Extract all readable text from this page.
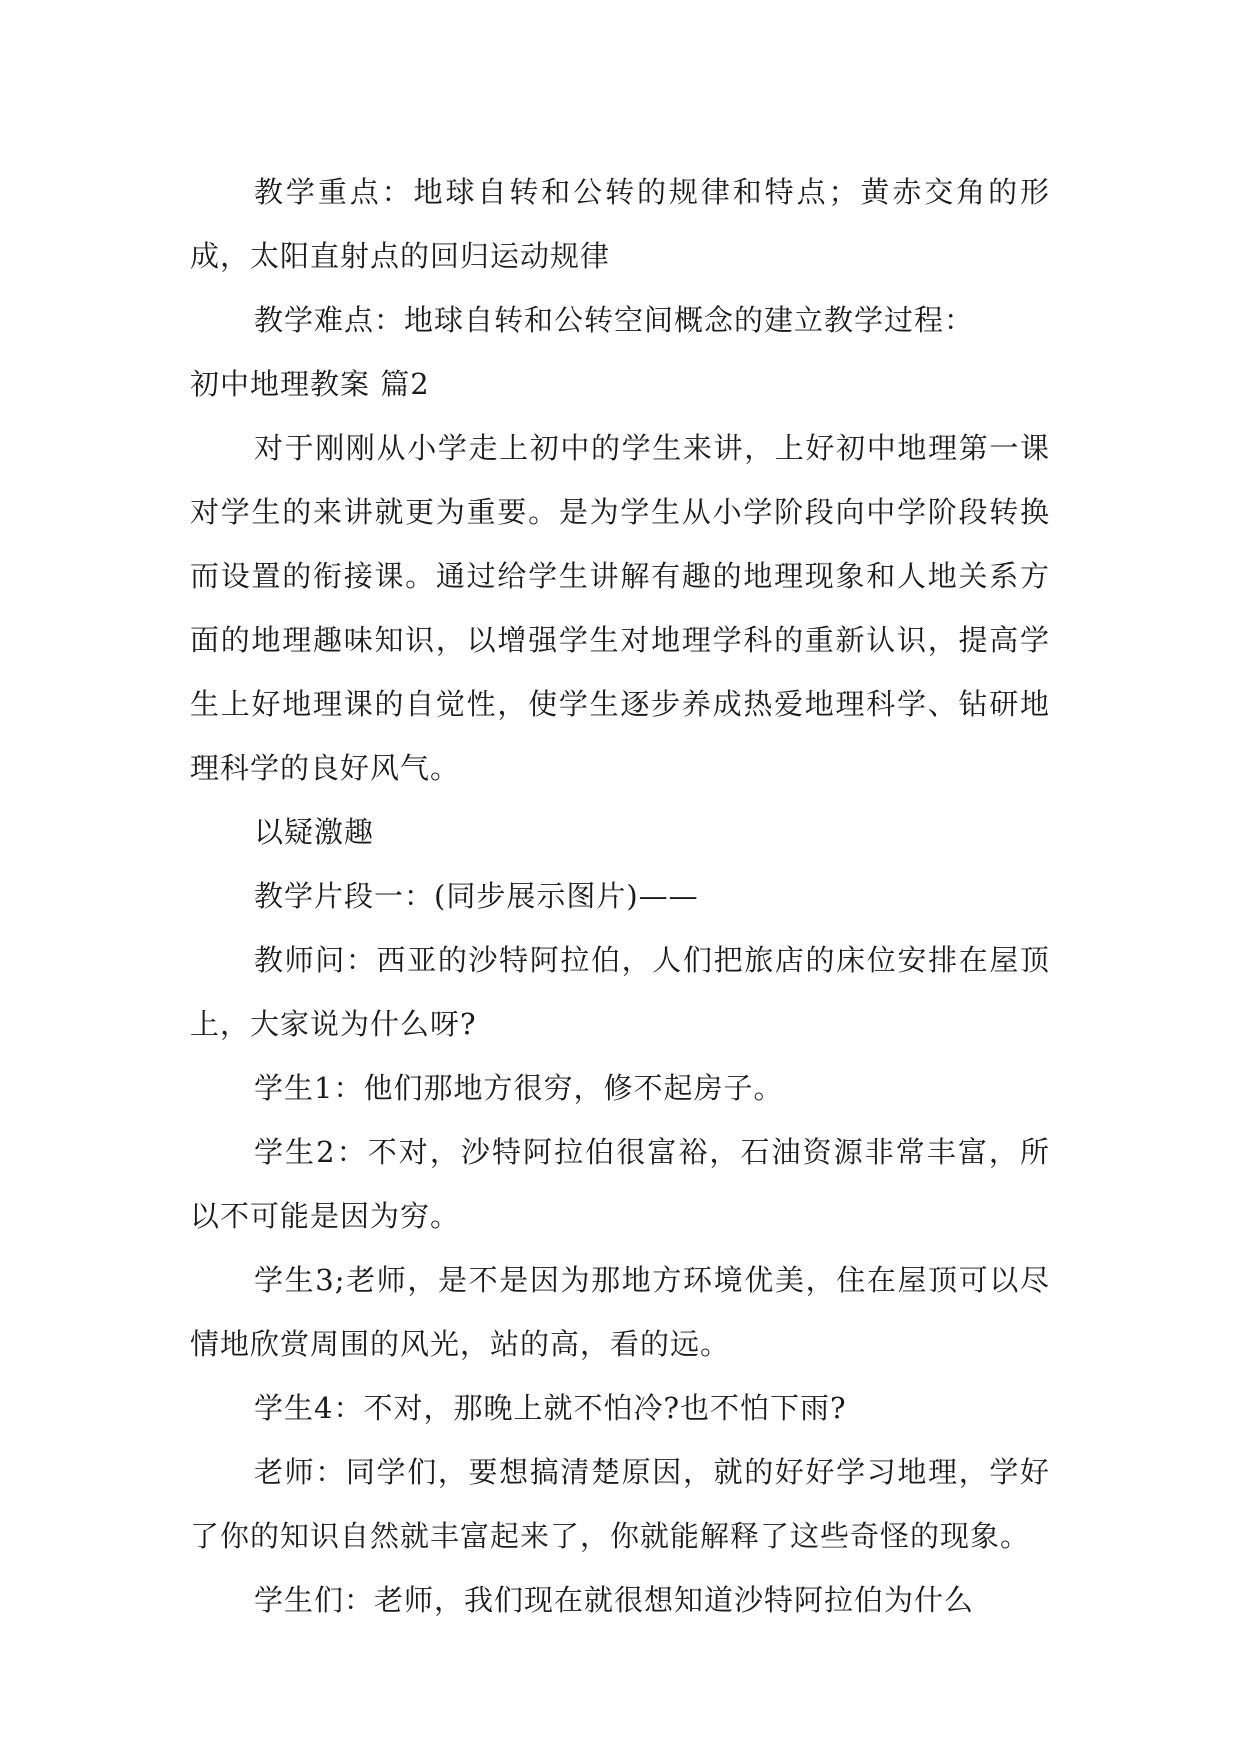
教学重点：地球自转和公转的规律和特点；黄赤交角的形成，太阳直射点的回归运动规律

教学难点：地球自转和公转空间概念的建立教学过程：

初中地理教案 篇2

对于刚刚从小学走上初中的学生来讲，上好初中地理第一课对学生的来讲就更为重要。是为学生从小学阶段向中学阶段转换而设置的衔接课。通过给学生讲解有趣的地理现象和人地关系方面的地理趣味知识，以增强学生对地理学科的重新认识，提高学生上好地理课的自觉性，使学生逐步养成热爱地理科学、钻研地理科学的良好风气。

以疑激趣

教学片段一：(同步展示图片)——

教师问：西亚的沙特阿拉伯，人们把旅店的床位安排在屋顶上，大家说为什么呀?

学生1：他们那地方很穷，修不起房子。

学生2：不对，沙特阿拉伯很富裕，石油资源非常丰富，所以不可能是因为穷。

学生3;老师，是不是因为那地方环境优美，住在屋顶可以尽情地欣赏周围的风光，站的高，看的远。

学生4：不对，那晚上就不怕冷?也不怕下雨?

老师：同学们，要想搞清楚原因，就的好好学习地理，学好了你的知识自然就丰富起来了，你就能解释了这些奇怪的现象。

学生们：老师，我们现在就很想知道沙特阿拉伯为什么
